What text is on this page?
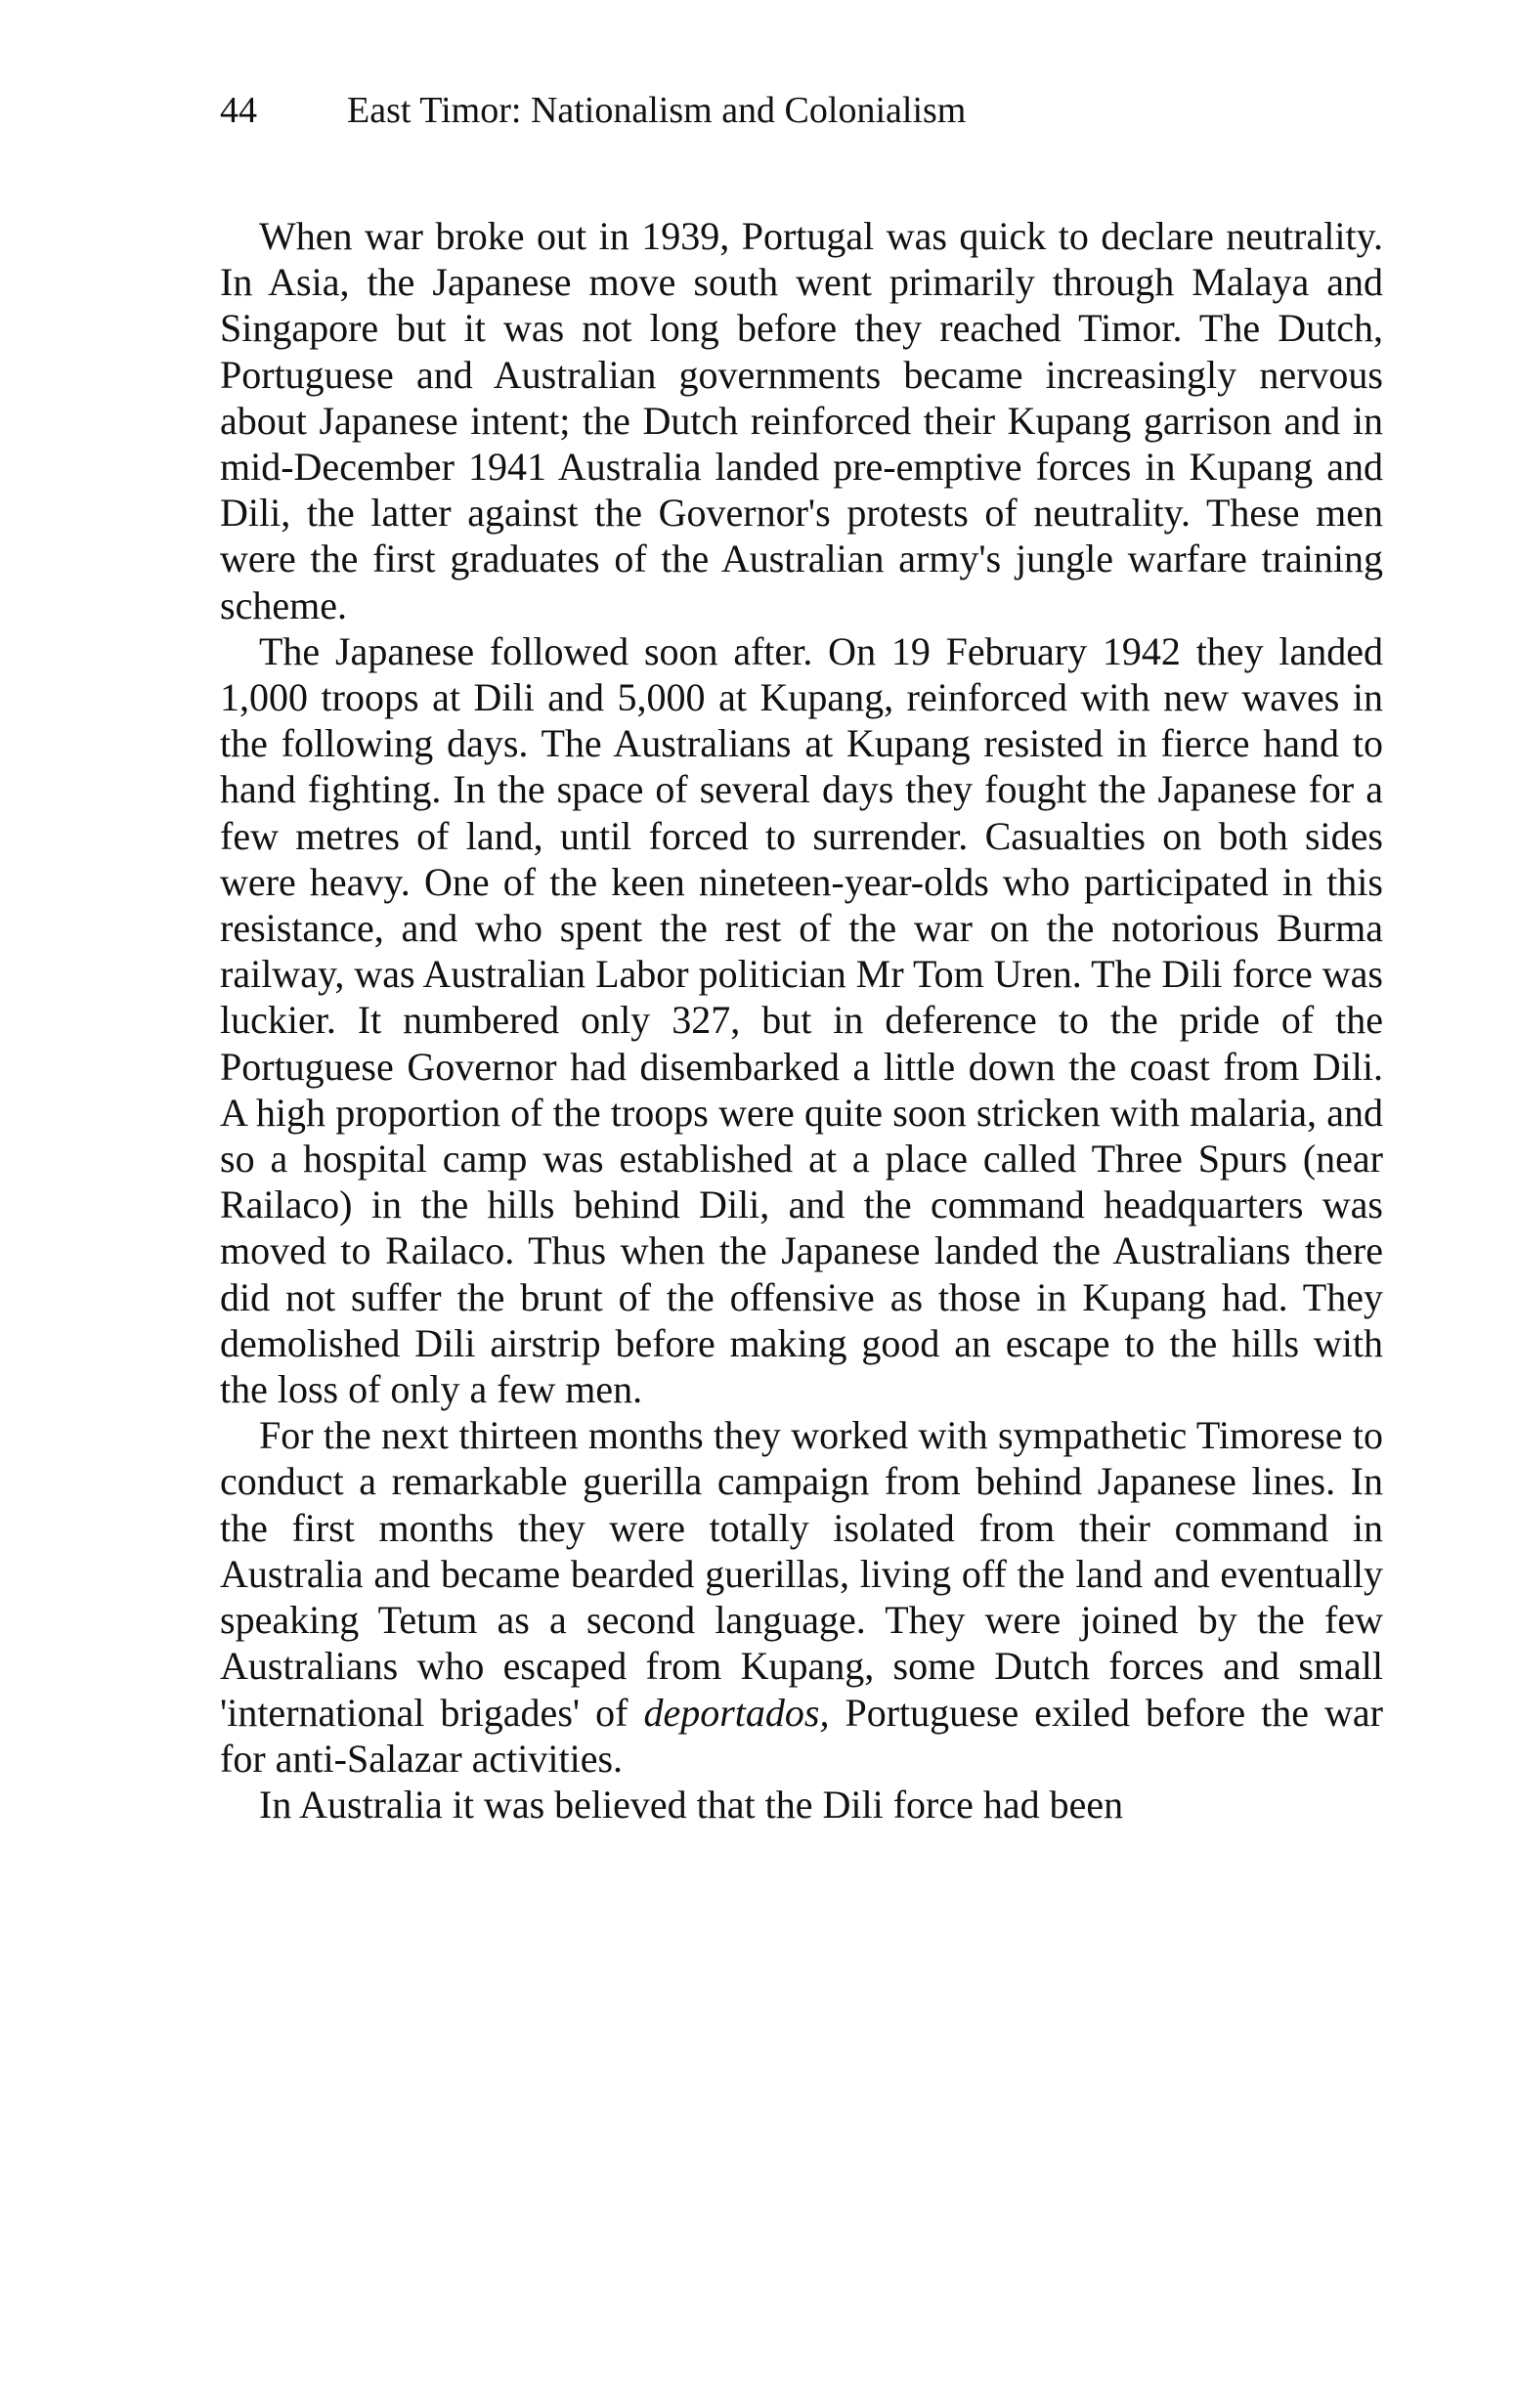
44 East Timor: Nationalism and Colonialism

When war broke out in 1939, Portugal was quick to declare neutrality. In Asia, the Japanese move south went primarily through Malaya and Singapore but it was not long before they reached Timor. The Dutch, Portuguese and Australian governments became increasingly nervous about Japanese intent; the Dutch reinforced their Kupang garrison and in mid-December 1941 Australia landed pre-emptive forces in Kupang and Dili, the latter against the Governor's protests of neutrality. These men were the first graduates of the Australian army's jungle warfare training scheme.

The Japanese followed soon after. On 19 February 1942 they landed 1,000 troops at Dili and 5,000 at Kupang, reinforced with new waves in the following days. The Australians at Kupang resisted in fierce hand to hand fighting. In the space of several days they fought the Japanese for a few metres of land, until forced to surrender. Casualties on both sides were heavy. One of the keen nineteen-year-olds who participated in this resistance, and who spent the rest of the war on the notorious Burma railway, was Australian Labor politician Mr Tom Uren. The Dili force was luckier. It numbered only 327, but in deference to the pride of the Portuguese Governor had disembarked a little down the coast from Dili. A high proportion of the troops were quite soon stricken with malaria, and so a hospital camp was established at a place called Three Spurs (near Railaco) in the hills behind Dili, and the command headquarters was moved to Railaco. Thus when the Japanese landed the Australians there did not suffer the brunt of the offensive as those in Kupang had. They demolished Dili airstrip before making good an escape to the hills with the loss of only a few men.

For the next thirteen months they worked with sympathetic Timorese to conduct a remarkable guerilla campaign from behind Japanese lines. In the first months they were totally isolated from their command in Australia and became bearded guerillas, living off the land and eventually speaking Tetum as a second language. They were joined by the few Australians who escaped from Kupang, some Dutch forces and small 'international brigades' of deportados, Portuguese exiled before the war for anti-Salazar activities.

In Australia it was believed that the Dili force had been
